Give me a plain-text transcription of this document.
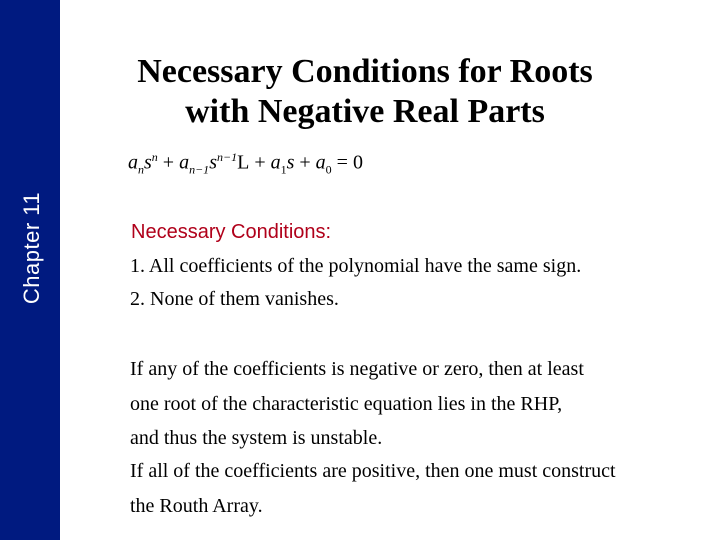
Chapter 11
Necessary Conditions for Roots
with Negative Real Parts
$a_ns^n + a_{n-1}s^{n-1}L + a_1s + a_0 = 0$
Necessary Conditions:
1. All coefficients of the polynomial have the same sign.
2. None of them vanishes.
If any of the coefficients is negative or zero, then at least
one root of the characteristic equation lies in the RHP,
and thus the system is unstable.
If all of the coefficients are positive, then one must construct
the Routh Array.
